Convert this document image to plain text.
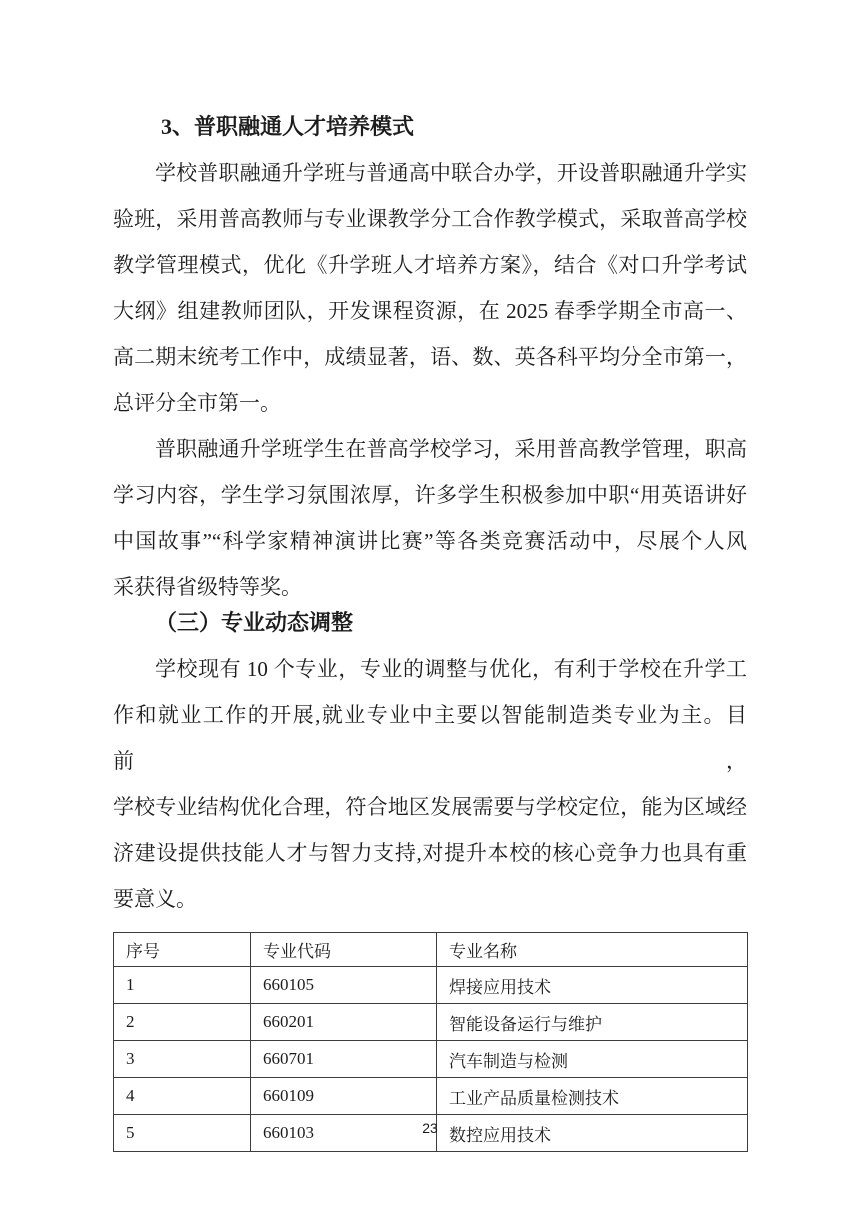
3、普职融通人才培养模式
学校普职融通升学班与普通高中联合办学，开设普职融通升学实
验班，采用普高教师与专业课教学分工合作教学模式，采取普高学校
教学管理模式，优化《升学班人才培养方案》，结合《对口升学考试
大纲》组建教师团队，开发课程资源，在 2025 春季学期全市高一、
高二期末统考工作中，成绩显著，语、数、英各科平均分全市第一，
总评分全市第一。
普职融通升学班学生在普高学校学习，采用普高教学管理，职高
学习内容，学生学习氛围浓厚，许多学生积极参加中职“用英语讲好
中国故事”“科学家精神演讲比赛”等各类竞赛活动中，尽展个人风
采获得省级特等奖。
（三）专业动态调整
学校现有 10 个专业，专业的调整与优化，有利于学校在升学工
作和就业工作的开展,就业专业中主要以智能制造类专业为主。目前，
学校专业结构优化合理，符合地区发展需要与学校定位，能为区域经
济建设提供技能人才与智力支持,对提升本校的核心竞争力也具有重
要意义。
序号	专业代码	专业名称
1	660105	焊接应用技术
2	660201	智能设备运行与维护
3	660701	汽车制造与检测
4	660109	工业产品质量检测技术
5	660103	数控应用技术
23
